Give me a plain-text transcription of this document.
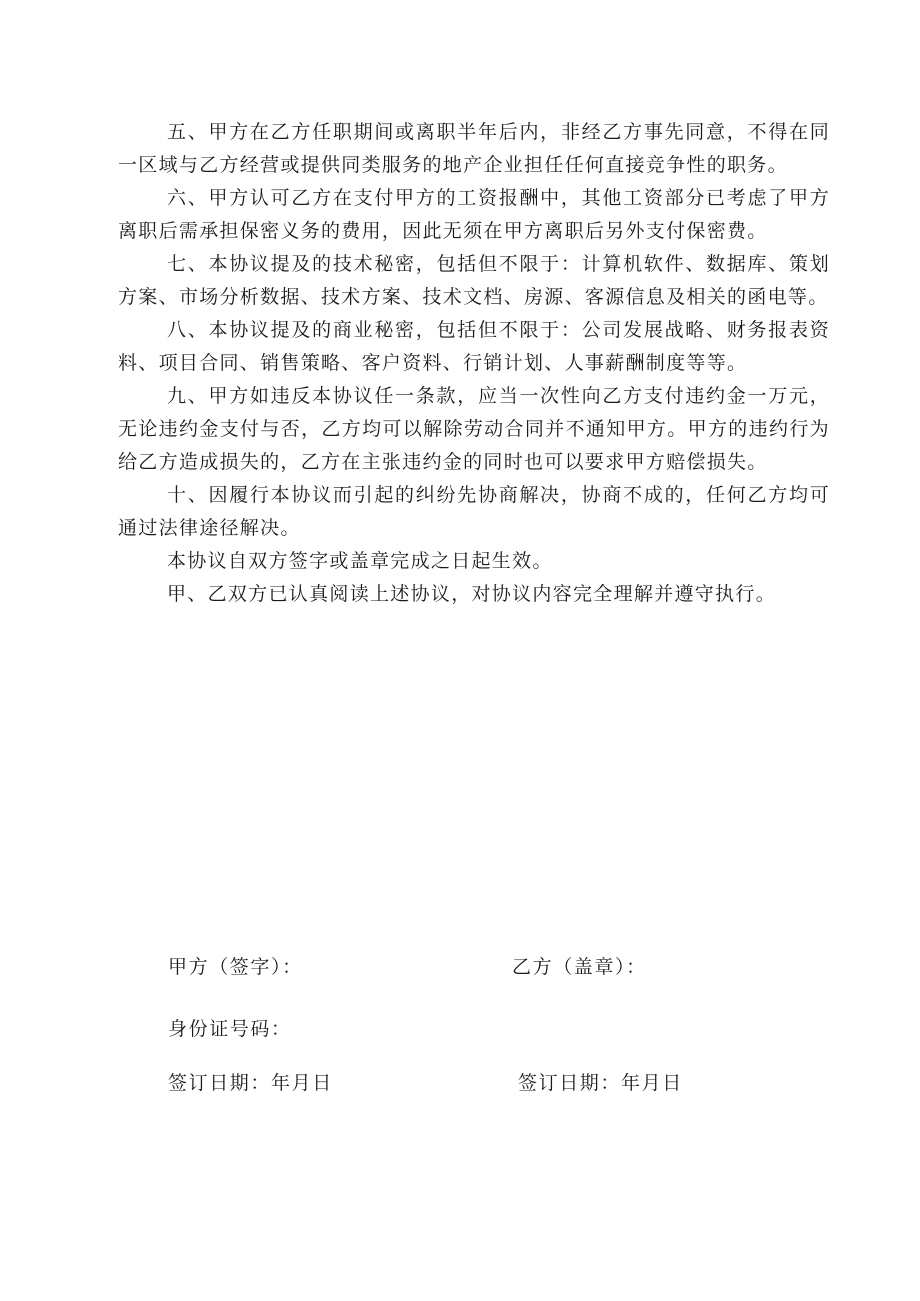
五、甲方在乙方任职期间或离职半年后内，非经乙方事先同意，不得在同一区域与乙方经营或提供同类服务的地产企业担任任何直接竞争性的职务。

六、甲方认可乙方在支付甲方的工资报酬中，其他工资部分已考虑了甲方离职后需承担保密义务的费用，因此无须在甲方离职后另外支付保密费。

七、本协议提及的技术秘密，包括但不限于：计算机软件、数据库、策划方案、市场分析数据、技术方案、技术文档、房源、客源信息及相关的函电等。

八、本协议提及的商业秘密，包括但不限于：公司发展战略、财务报表资料、项目合同、销售策略、客户资料、行销计划、人事薪酬制度等等。

九、甲方如违反本协议任一条款，应当一次性向乙方支付违约金一万元，无论违约金支付与否，乙方均可以解除劳动合同并不通知甲方。甲方的违约行为给乙方造成损失的，乙方在主张违约金的同时也可以要求甲方赔偿损失。

十、因履行本协议而引起的纠纷先协商解决，协商不成的，任何乙方均可通过法律途径解决。

本协议自双方签字或盖章完成之日起生效。

甲、乙双方已认真阅读上述协议，对协议内容完全理解并遵守执行。

甲方（签字）：	乙方（盖章）：
身份证号码：
签订日期：年月日	签订日期：年月日
